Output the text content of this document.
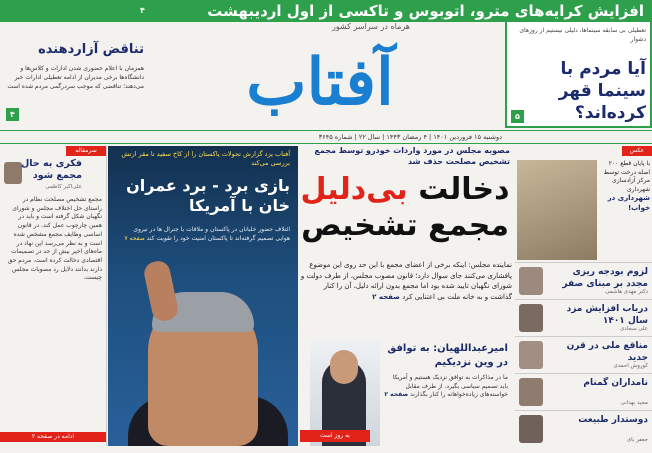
افزایش کرایه‌های مترو، اتوبوس و تاکسی از اول اردیبهشت
۴
هرماه در سراسر کشور
آفتاب
تعطیلی بی سابقه سینماها، دلیلی نیستیم از روزهای دشوار
آیا مردم با سینما قهر کرده‌اند؟
۵
تناقض آزاردهنده
همزمان با اعلام حضوری شدن ادارات و کلاس‌ها و دانشگاه‌ها برخی مدیران از ادامه تعطیلی ادارات خبر می‌دهند؛ تناقضی که موجب سردرگمی مردم شده است
۴
دوشنبه ۱۵ فروردین ۱۴۰۱ | ۴ رمضان ۱۴۴۳ | سال ۲۲ | شماره ۳۶۴۵
مصوبه مجلس در مورد واردات خودرو توسط مجمع تشخیص مصلحت حذف شد
دخالت بی‌دلیل
مجمع تشخیص
نماینده مجلس: اینکه برخی از اعضای مجمع با این حد روی این موضوع پافشاری می‌کنند جای سوال دارد؛ قانون مصوب مجلس، از طرف دولت و شورای نگهبان تایید شده بود اما مجمع بدون ارائه دلیل، آن را کنار گذاشت و به خانه ملت بی اعتنایی کرد صفحه ۲
آفتاب یزد گزارش تحولات پاکستان را از کاخ سفید تا مقر ارتش بررسی می‌کند
بازی برد - برد عمران خان با آمریکا
ائتلاف حضور خلبانان در پاکستان و ملاقات با جنرال ها در نیروی هوایی تصمیم گرفته‌اند تا پاکستان امنیت خود را تقویت کند صفحه ۷
امیرعبداللهیان: به توافق در وین نزدیکیم
ما در مذاکرات به توافق نزدیک هستیم و آمریکا باید تصمیم سیاسی بگیرد. از طرف مقابل خواسته‌های زیاده‌خواهانه را کنار بگذارند صفحه ۲
عکس
با پایان قطع ۲۰۰ اصله درخت توسط مرکز آزادسازی شهرداری
شهرداری در خواب!
لزوم بودجه ریزی مجدد بر مبنای صفر
دکتر مهدی هاشمی
درباب افزایش مزد سال ۱۴۰۱
علی سجادی
مناقع ملی در قرن جدید
کوروش احمدی
نامداران گمنام
مجید بهدانی
دوستدار طبیعت
جعفر بای
سرمقاله
فکری به حال مجمع شود
علی‌اکبر کاظمی
مجمع تشخیص مصلحت نظام در راستای حل اختلاف مجلس و شورای نگهبان شکل گرفته است و باید در همین چارچوب عمل کند. در قانون اساسی وظایف مجمع مشخص شده است و به نظر می‌رسد این نهاد در ماه‌های اخیر بیش از حد در تصمیمات اقتصادی دخالت کرده است. مردم حق دارند بدانند دلایل رد مصوبات مجلس چیست.
ادامه در صفحه ۲	به روز است
